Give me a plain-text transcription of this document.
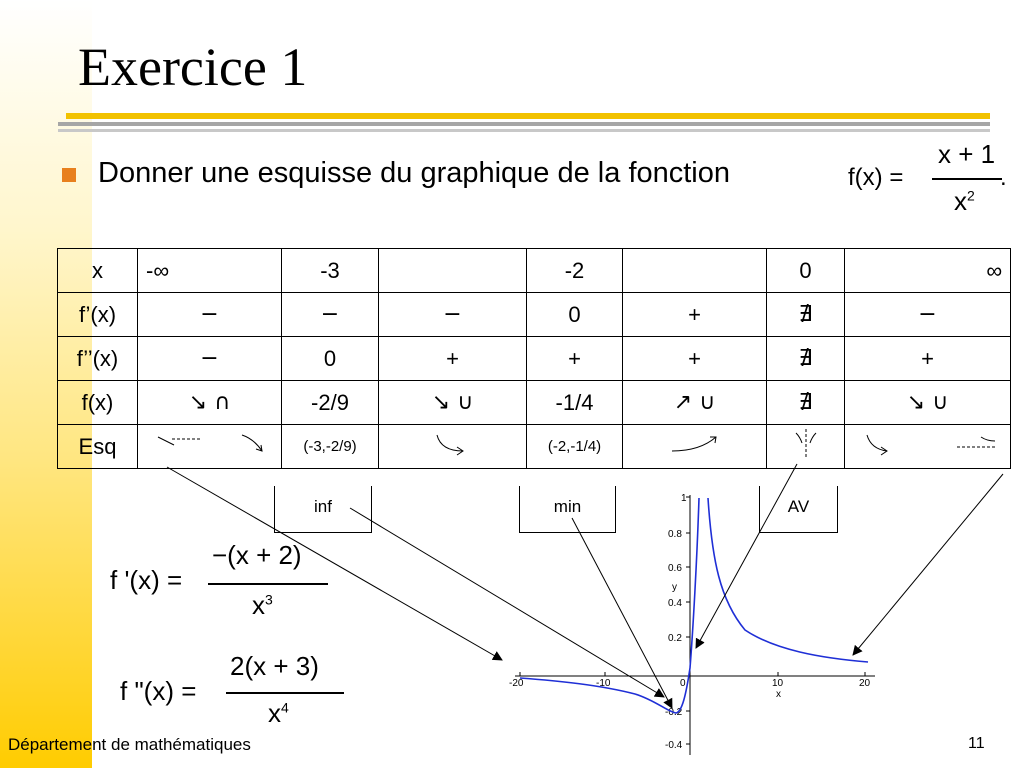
Exercice 1
Donner une esquisse du graphique de la fonction	f(x) =
x + 1
$x^2$
.
x	-∞	-3		-2		0	∞
f’(x)	−	−	−	0	+	∄	−
f’’(x)	−	0	+	+	+	∄	+
f(x)	↘ ∩	-2/9	↘ ∪	-1/4	↗ ∪	∄	↘ ∪
Esq		(-3,-2/9)		(-2,-1/4)			
inf	min	AV
f '(x) =
−(x + 2)
$x^3$
f "(x) =
2(x + 3)
$x^4$
-20	-10	0	10	20
x
1
0.8
0.6
0.4
0.2
-0.2
-0.4
y
Département de mathématiques	11
